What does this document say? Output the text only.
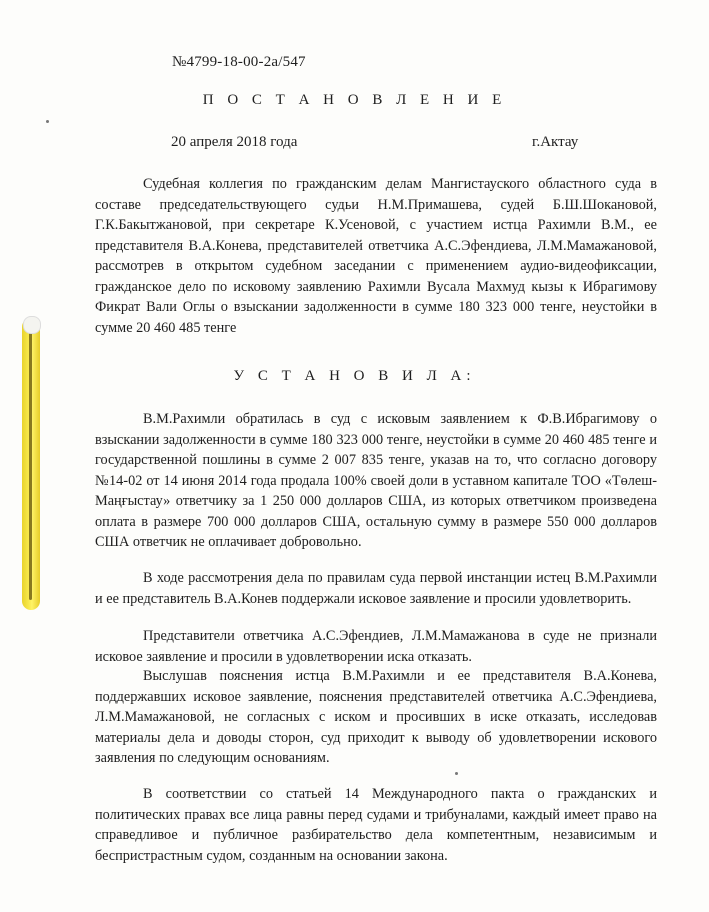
№4799-18-00-2а/547
П О С Т А Н О В Л Е Н И Е
20 апреля 2018 года	г.Актау

Судебная коллегия по гражданским делам Мангистауского областного суда в составе председательствующего судьи Н.М.Примашева, судей Б.Ш.Шокановой, Г.К.Бакытжановой, при секретаре К.Усеновой, с участием истца Рахимли В.М., ее представителя В.А.Конева, представителей ответчика А.С.Эфендиева, Л.М.Мамажановой, рассмотрев в открытом судебном заседании с применением аудио-видеофиксации, гражданское дело по исковому заявлению Рахимли Вусала Махмуд кызы к Ибрагимову Фикрат Вали Оглы о взыскании задолженности в сумме 180 323 000 тенге, неустойки в сумме 20 460 485 тенге

У С Т А Н О В И Л А:

В.М.Рахимли обратилась в суд с исковым заявлением к Ф.В.Ибрагимову о взыскании задолженности в сумме 180 323 000 тенге, неустойки в сумме 20 460 485 тенге и государственной пошлины в сумме 2 007 835 тенге, указав на то, что согласно договору №14-02 от 14 июня 2014 года продала 100% своей доли в уставном капитале ТОО «Төлеш-Маңғыстау» ответчику за 1 250 000 долларов США, из которых ответчиком произведена оплата в размере 700 000 долларов США, остальную сумму в размере 550 000 долларов США ответчик не оплачивает добровольно.

В ходе рассмотрения дела по правилам суда первой инстанции истец В.М.Рахимли и ее представитель В.А.Конев поддержали исковое заявление и просили удовлетворить.

Представители ответчика А.С.Эфендиев, Л.М.Мамажанова в суде не признали исковое заявление и просили в удовлетворении иска отказать.

Выслушав пояснения истца В.М.Рахимли и ее представителя В.А.Конева, поддержавших исковое заявление, пояснения представителей ответчика А.С.Эфендиева, Л.М.Мамажановой, не согласных с иском и просивших в иске отказать, исследовав материалы дела и доводы сторон, суд приходит к выводу об удовлетворении искового заявления по следующим основаниям.

В соответствии со статьей 14 Международного пакта о гражданских и политических правах все лица равны перед судами и трибуналами, каждый имеет право на справедливое и публичное разбирательство дела компетентным, независимым и беспристрастным судом, созданным на основании закона.
